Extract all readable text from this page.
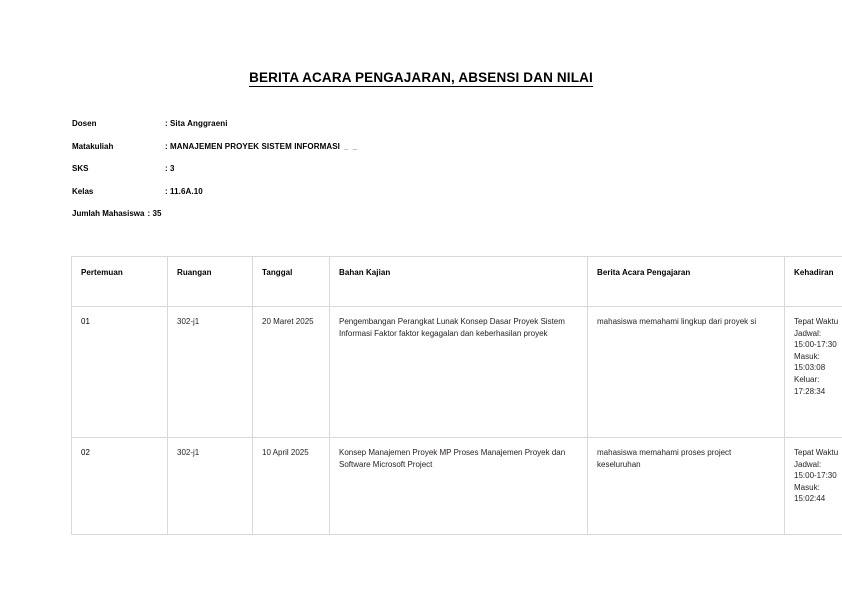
BERITA ACARA PENGAJARAN, ABSENSI DAN NILAI
Dosen	: Sita Anggraeni
Matakuliah	: MANAJEMEN PROYEK SISTEM INFORMASI _ _
SKS	: 3
Kelas	: 11.6A.10
Jumlah Mahasiswa : 35
Pertemuan	Ruangan	Tanggal	Bahan Kajian	Berita Acara Pengajaran	Kehadiran
01	302-j1	20 Maret 2025	Pengembangan Perangkat Lunak Konsep Dasar Proyek Sistem Informasi Faktor faktor kegagalan dan keberhasilan proyek	mahasiswa memahami lingkup dari proyek si	Tepat Waktu
Jadwal:
15:00-17:30
Masuk:
15:03:08
Keluar:
17:28:34

02	302-j1	10 April 2025	Konsep Manajemen Proyek MP Proses Manajemen Proyek dan Software Microsoft Project	mahasiswa memahami proses project keseluruhan	Tepat Waktu
Jadwal:
15:00-17:30
Masuk:
15:02:44
